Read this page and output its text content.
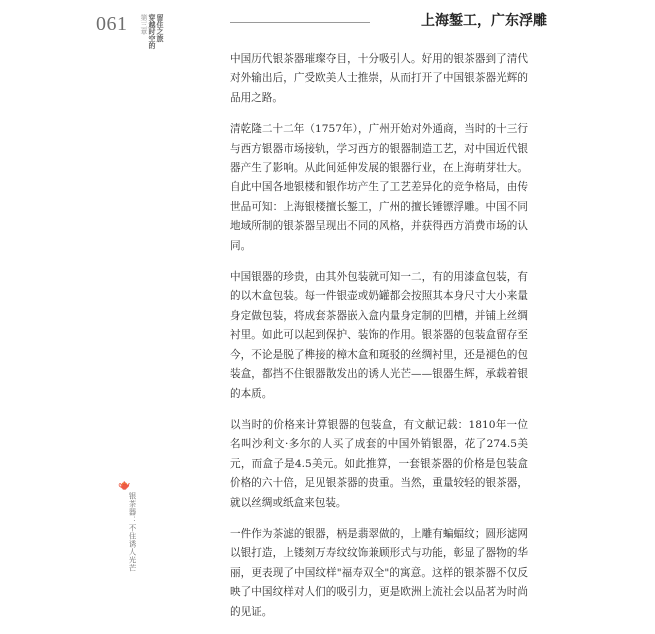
061 第三章 穿越时空的 留住之旅	上海錾工，广东浮雕
🫖
银茶器：不住诱人光芒

中国历代银茶器璀璨夺目，十分吸引人。好用的银茶器到了清代对外输出后，广受欧美人士推崇，从而打开了中国银茶器光辉的品用之路。

清乾隆二十二年（1757年），广州开始对外通商，当时的十三行与西方银器市场接轨，学习西方的银器制造工艺，对中国近代银器产生了影响。从此间延伸发展的银器行业，在上海萌芽壮大。自此中国各地银楼和银作坊产生了工艺差异化的竞争格局，由传世品可知：上海银楼擅长錾工，广州的擅长锤镖浮雕。中国不同地域所制的银茶器呈现出不同的风格，并获得西方消费市场的认同。

中国银器的珍贵，由其外包装就可知一二，有的用漆盒包装，有的以木盒包装。每一件银壶或奶罐都会按照其本身尺寸大小来量身定做包装，将成套茶器嵌入盒内量身定制的凹槽，并铺上丝绸衬里。如此可以起到保护、装饰的作用。银茶器的包装盒留存至今，不论是脱了榫接的樟木盒和斑驳的丝绸衬里，还是褪色的包装盒，都挡不住银器散发出的诱人光芒——银器生辉，承载着银的本质。

以当时的价格来计算银器的包装盒，有文献记载：1810年一位名叫沙利文·多尔的人买了成套的中国外销银器，花了274.5美元，而盒子是4.5美元。如此推算，一套银茶器的价格是包装盒价格的六十倍，足见银茶器的贵重。当然，重量较轻的银茶器，就以丝绸或纸盒来包装。

一件作为茶滤的银器，柄是翡翠做的，上雕有蝙蝠纹；圆形滤网以银打造，上镂刻万寿纹纹饰兼顾形式与功能，彰显了器物的华丽，更表现了中国纹样"福寿双全"的寓意。这样的银茶器不仅反映了中国纹样对人们的吸引力，更是欧洲上流社会以品茗为时尚的见证。
